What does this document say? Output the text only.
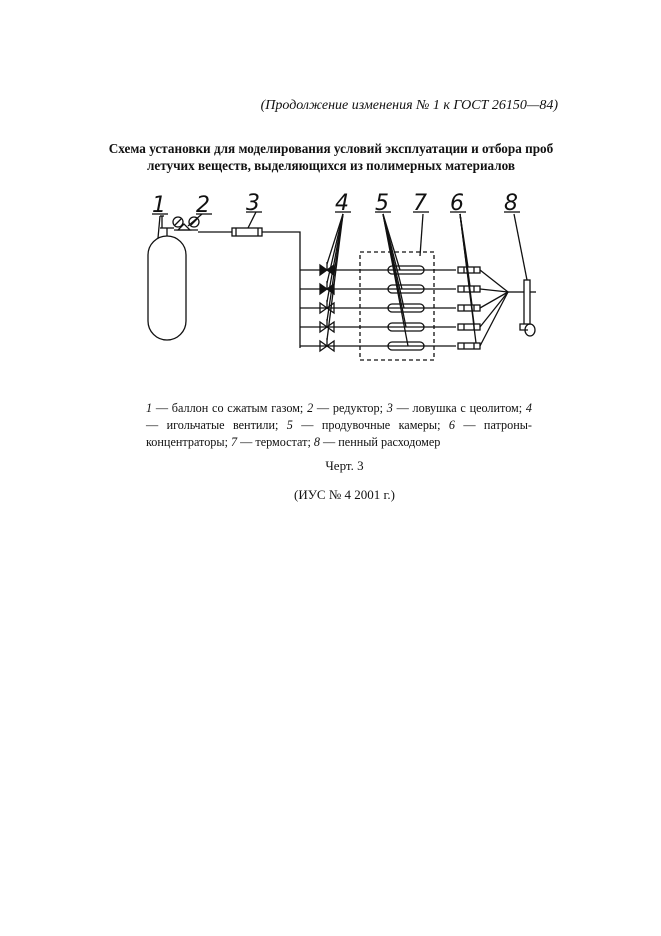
(Продолжение изменения № 1 к ГОСТ 26150—84)
Схема установки для моделирования условий эксплуатации и отбора проб
летучих веществ, выделяющихся из полимерных материалов
1 2 3	4 5 7 6 8
1 — баллон со сжатым газом; 2 — редуктор; 3 — ловушка с цеолитом; 4 — игольчатые вентили; 5 — продувочные камеры; 6 — патроны-концентраторы; 7 — термостат; 8 — пенный расходомер
Черт. 3
(ИУС № 4 2001 г.)
